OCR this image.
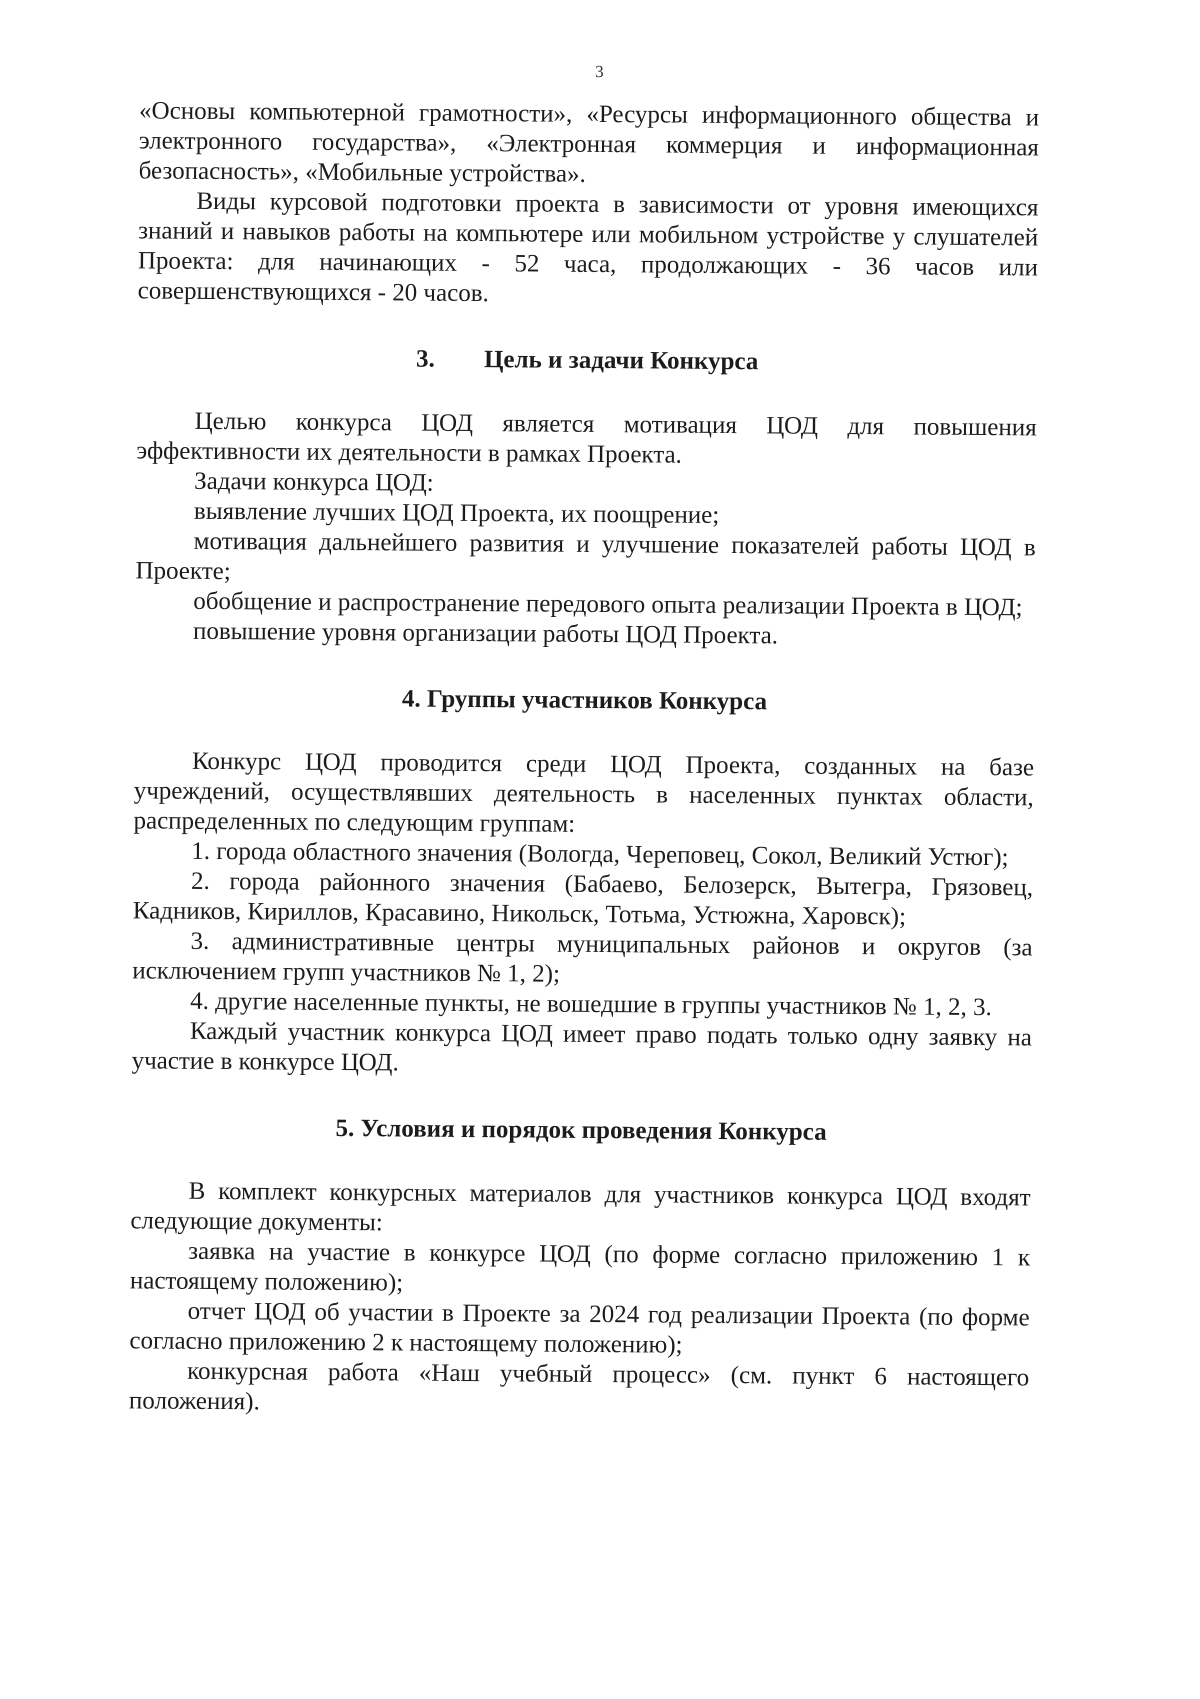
3

«Основы компьютерной грамотности», «Ресурсы информационного общества и электронного государства», «Электронная коммерция и информационная безопасность», «Мобильные устройства».

Виды курсовой подготовки проекта в зависимости от уровня имеющихся знаний и навыков работы на компьютере или мобильном устройстве у слушателей Проекта: для начинающих - 52 часа, продолжающих - 36 часов или совершенствующихся - 20 часов.

3. Цель и задачи Конкурса

Целью конкурса ЦОД является мотивация ЦОД для повышения эффективности их деятельности в рамках Проекта.

Задачи конкурса ЦОД:

выявление лучших ЦОД Проекта, их поощрение;

мотивация дальнейшего развития и улучшение показателей работы ЦОД в Проекте;

обобщение и распространение передового опыта реализации Проекта в ЦОД;

повышение уровня организации работы ЦОД Проекта.

4. Группы участников Конкурса

Конкурс ЦОД проводится среди ЦОД Проекта, созданных на базе учреждений, осуществлявших деятельность в населенных пунктах области, распределенных по следующим группам:

1. города областного значения (Вологда, Череповец, Сокол, Великий Устюг);

2. города районного значения (Бабаево, Белозерск, Вытегра, Грязовец, Кадников, Кириллов, Красавино, Никольск, Тотьма, Устюжна, Харовск);

3. административные центры муниципальных районов и округов (за исключением групп участников № 1, 2);

4. другие населенные пункты, не вошедшие в группы участников № 1, 2, 3.

Каждый участник конкурса ЦОД имеет право подать только одну заявку на участие в конкурсе ЦОД.

5. Условия и порядок проведения Конкурса

В комплект конкурсных материалов для участников конкурса ЦОД входят следующие документы:

заявка на участие в конкурсе ЦОД (по форме согласно приложению 1 к настоящему положению);

отчет ЦОД об участии в Проекте за 2024 год реализации Проекта (по форме согласно приложению 2 к настоящему положению);

конкурсная работа «Наш учебный процесс» (см. пункт 6 настоящего положения).
